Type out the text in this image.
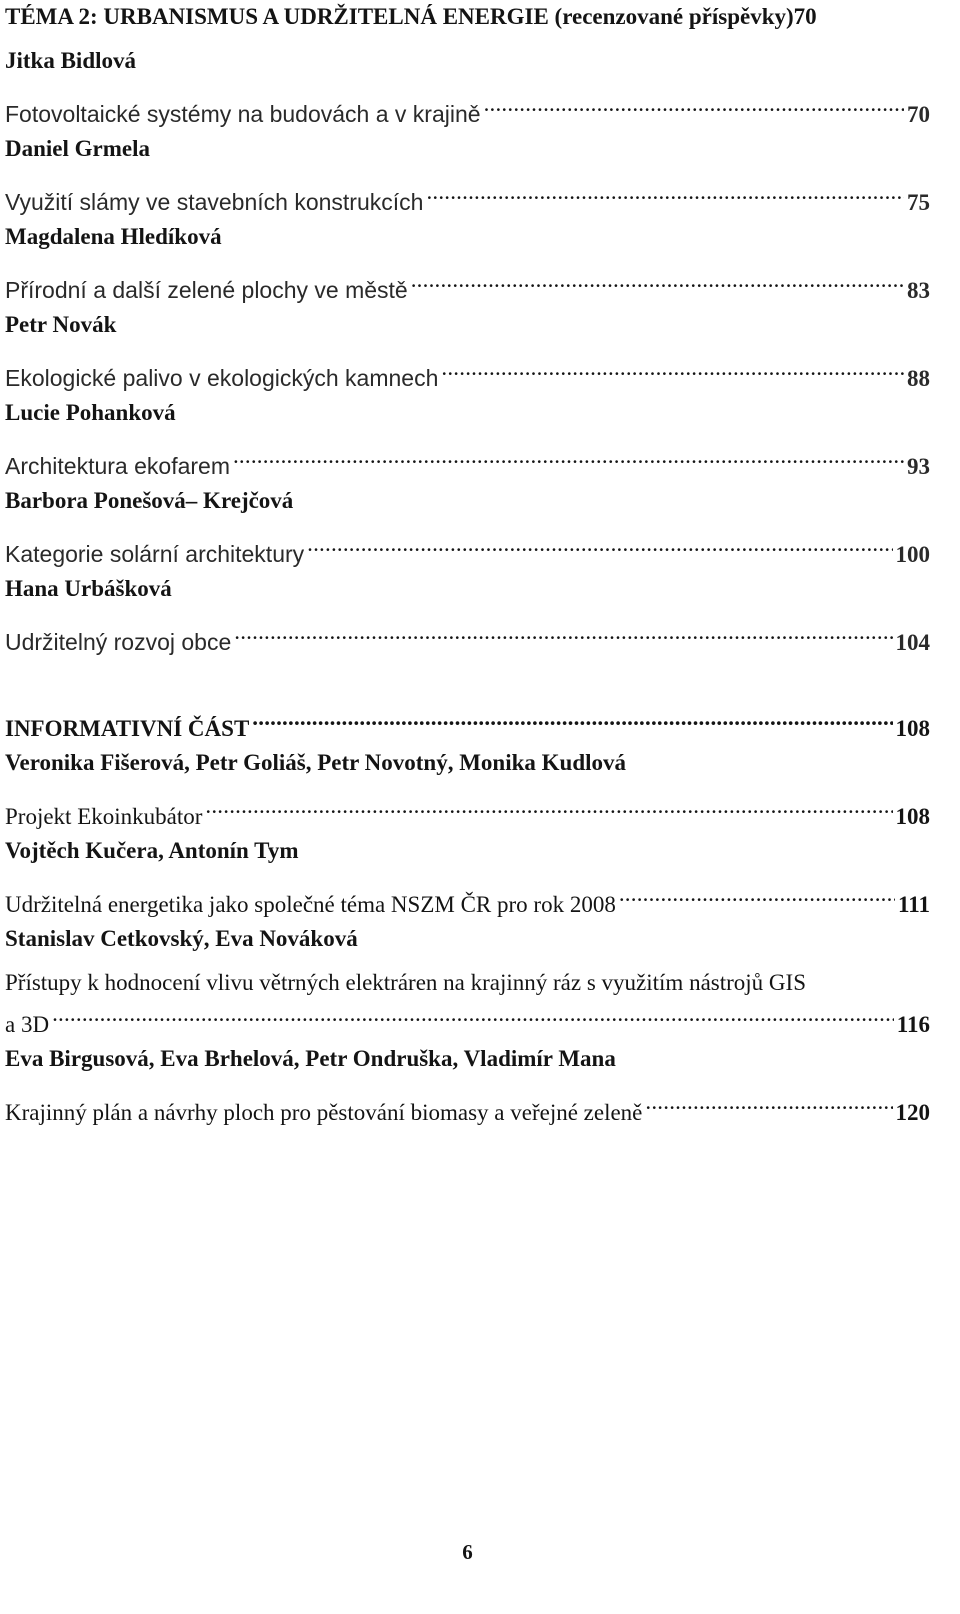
TÉMA 2: URBANISMUS A UDRŽITELNÁ ENERGIE (recenzované příspěvky)70
Jitka Bidlová
Fotovoltaické systémy na budovách a v krajině .....	70
Daniel Grmela
Využití slámy ve stavebních konstrukcích .....	75
Magdalena Hledíková
Přírodní a další zelené plochy ve městě .....	83
Petr Novák
Ekologické palivo v ekologických kamnech .....	88
Lucie Pohanková
Architektura ekofarem .....	93
Barbora Ponešová– Krejčová
Kategorie solární architektury .....	100
Hana Urbášková
Udržitelný rozvoj obce .....	104
INFORMATIVNÍ ČÁST .....	108
Veronika Fišerová, Petr Goliáš, Petr Novotný, Monika Kudlová
Projekt Ekoinkubátor .....	108
Vojtěch Kučera, Antonín Tym
Udržitelná energetika jako společné téma NSZM ČR pro rok 2008 .....	111
Stanislav Cetkovský, Eva Nováková
Přístupy k hodnocení vlivu větrných elektráren na krajinný ráz s využitím nástrojů GIS
a 3D .....	116
Eva Birgusová, Eva Brhelová, Petr Ondruška, Vladimír Mana
Krajinný plán a návrhy ploch pro pěstování biomasy a veřejné zeleně .....	120
6
